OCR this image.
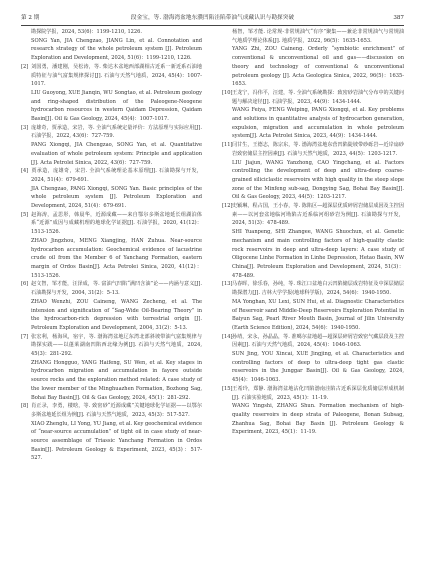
第 2 期	段金宝，等. 渤海湾盆地东濮凹陷洼陷带油气成藏认识与勘探突破	387

勘探院学报，2024, 53(6)：1199-1210, 1226.

SONG Yan, JIA Chengzao, JIANG Lin, et al. Connotation and research strategy of the whole petroleum system [J]. Petroleum Exploration and Development, 2024, 51(6)：1199-1210, 1226.

[2] 刘国勇，潘建刚，吴松涛，等. 柴达木盆地西部湖相古近系一新近系石油地质特征与油气富集规律探讨[J]. 石油与天然气地质，2024, 45(4)：1007-1017.

LIU Guoyong, XUE Jianqin, WU Songtao, et al. Petroleum geology and ring-shaped distribution of the Paleogene-Neogene hydrocarbon resources in western Qaidam Depression, Qaidam Basin[J]. Oil & Gas Geology, 2024, 45(4)：1007-1017.

[3] 庞雄奇，贾承造，宋岩，等. 全油气系统定量评价：方法原理与实际应用[J]. 石油学报，2022, 43(6)：727-759.

PANG Xiongqi, JIA Chengzao, SONG Yan, et al. Quantitative evaluation of whole petroleum system: Principle and application [J]. Acta Petrolei Sinica, 2022, 43(6)：727-759.

[4] 贾承造，庞雄奇，宋岩. 全油气系统理论基本原理[J]. 石油勘探与开发，2024, 51(4)：679-691.

JIA Chengzao, PANG Xiongqi, SONG Yan. Basic principles of the whole petroleum system [J]. Petroleum Exploration and Development, 2024, 51(4)：679-691.

[5] 赵海涛，孟思彤，韩晨华，近源成藏——来自鄂尔多斯盆地延长组湖泊体系“近源”成因与成藏机理的地球化学证据[J]. 石油学报，2020, 41(12)：1513-1526.

ZHAO Jingzhou, MENG Xiangjing, HAN Zuhua. Near-source hydrocarbon accumulation: Geochemical evidence of lacustrine crude oil from the Member 6 of Yanchang Formation, eastern margin of Ordos Basin[J]. Acta Petrolei Sinica, 2020, 41(12)：1513-1526.

[6] 赵文智，邹才能，汪泽成，等. 富油气凹陷“满凹含油”论——内涵与意义[J]. 石油勘探与开发，2004, 31(2)：5-13.

ZHAO Wenzhi, ZOU Caineng, WANG Zecheng, et al. The intension and signification of “Sag-Wide Oil-Bearing Theory” in the hydrocarbon-rich depression with terrestrial origin [J]. Petroleum Exploration and Development, 2004, 31(2)：5-13.

[7] 张宏利，杨海风，宿宇，等. 渤海湾盆地辽东湾北部斜坡带油气富集规律与勘探实践——以蓬莱湖南凹陷西北缘为例[J]. 石油与天然气地质，2024, 45(3)：281-292.

ZHANG Hongguo, YANG Haifeng, SU Wen, et al. Key stages in hydrocarbon migration and accumulation in fayore outside source rocks and the exploration method related: A case study of the lower member of the Minghuazhen Formation, Bozhong Sag, Bohai Bay Basin[J]. Oil & Gas Geology, 2024, 45(1)：281-292.

[8] 肖正录，李勇，楼晗，等. 致密砂“近源成藏”关键地球化学证据——以鄂尔多斯盆地延长组为例[J]. 石油与天然气地质，2023, 45(3)：517-527.

XIAO Zhenglu, LI Yong, YU Jiang, et al. Key geochemical evidence of “near-source accumulation” of tight oil in case study of near-source assemblage of Triassic Yanchang Formation in Ordos Basin[J]. Petroleum Geology & Experiment, 2023, 45(3)：517-527.

杨智，邹才能. 论常规-非常规油气“有序”聚集——兼论非常规油气与常规油气地质学理论体系[J]. 地质学报，2022, 96(5)：1635-1653.

YANG Zhi, ZOU Caineng. Orderly “symbiotic enrichment” of conventional & unconventional oil and gas——discussion on theory and technology of conventional & unconventional petroleum geology [J]. Acta Geologica Sinica, 2022, 96(5)：1635-1653.

[10]王龙宁，冯伟平，汪建，等. 全油气系统勘探：致密砂岩油气分布中的关键问题与解决途径[J]. 石油学报，2023, 44(9)：1434-1444.

WANG Feiya, FENG Weiping, PANG Xiongqi, et al. Key problems and solutions in quantitative analysis of hydrocarbon generation, expulsion, migration and accumulation in whole petroleum system[J]. Acta Petrolei Sinica, 2023, 44(9)：1434-1444.

[11]闫甘生，王德志，陈宗东，等. 渤海湾盆地东营凹陷陡坡带砂砾岩—近岸扇砂岩致密储层主控因素[J]. 石油与天然气地质，2023, 44(5)：1203-1217.

LIU Jiajun, WANG Yanzhong, CAO Yingchang, et al. Factors controlling the development of deep and ultra-deep coarse-grained siliciclastic reservoirs with high quality in the steep slope zone of the Minfeng sub-sag, Dongying Sag, Bohai Bay Basin[J]. Oil & Gas Geology, 2023, 44(5)：1203-1217.

[12]史颖琳，程占国，王小春，等. 陈陷区—超深层优质碎屑岩储层成因及主控因素——以河套盆地临河坳陷古近系临河组砂岩为例[J]. 石油勘探与开发，2024, 51(3)：478-489.

SHI Yuanpeng, SHI Zhangee, WANG Shuochun, et al. Genetic mechanism and main controlling factors of high-quality clastic rock reservoirs in deep and ultra-deep layers: A case study of Oligocene Linhe Formation in Linhe Depression, Hetao Basin, NW China[J]. Petroleum Exploration and Development, 2024, 51(3)：478-489.

[13]马春晖，徐乐春，孙纯，等. 珠江口盆地白云凹陷储层成岩特征及中深层储层勘探潜力[J]. 吉林大学学报(地球科学版)，2024, 54(6)：1940-1950.

MA Yonghan, XU Lexi, SUN Hui, et al. Diagnostic Characteristics of Reservoir sand Middle-Deep Reservoirs Exploration Potential in Baiyun Sag, Pearl River Mouth Basin, Journal of Jilin University (Earth Science Edition), 2024, 54(6)：1940-1950.

[14]孙靖，宋永，孙晶晶，等. 准噶尔盆地超—超深层碎屑岩致密气藏层段及主控因素[J]. 石油与天然气地质，2024, 45(4)：1046-1063.

SUN Jing, YOU Xincai, XUE Jingjing, et al. Characteristics and controlling factors of deep to ultra-deep tight gas clastic reservoirs in the Junggar Basin[J]. Oil & Gas Geology, 2024, 45(4)：1046-1063.

[15]王希玲，郑静. 渤海湾盆地沾化凹陷渤南洼陷古近系深层优质储层形成机制[J]. 石油实验地质，2023, 45(1)：11-19.

WANG Yingshi, ZHANG Shun. Formation mechanism of high-quality reservoirs in deep strata of Paleogene, Bonan Subsag, Zhanhua Sag, Bohai Bay Basin [J]. Petroleum Geology & Experiment, 2023, 45(1)：11-19.
